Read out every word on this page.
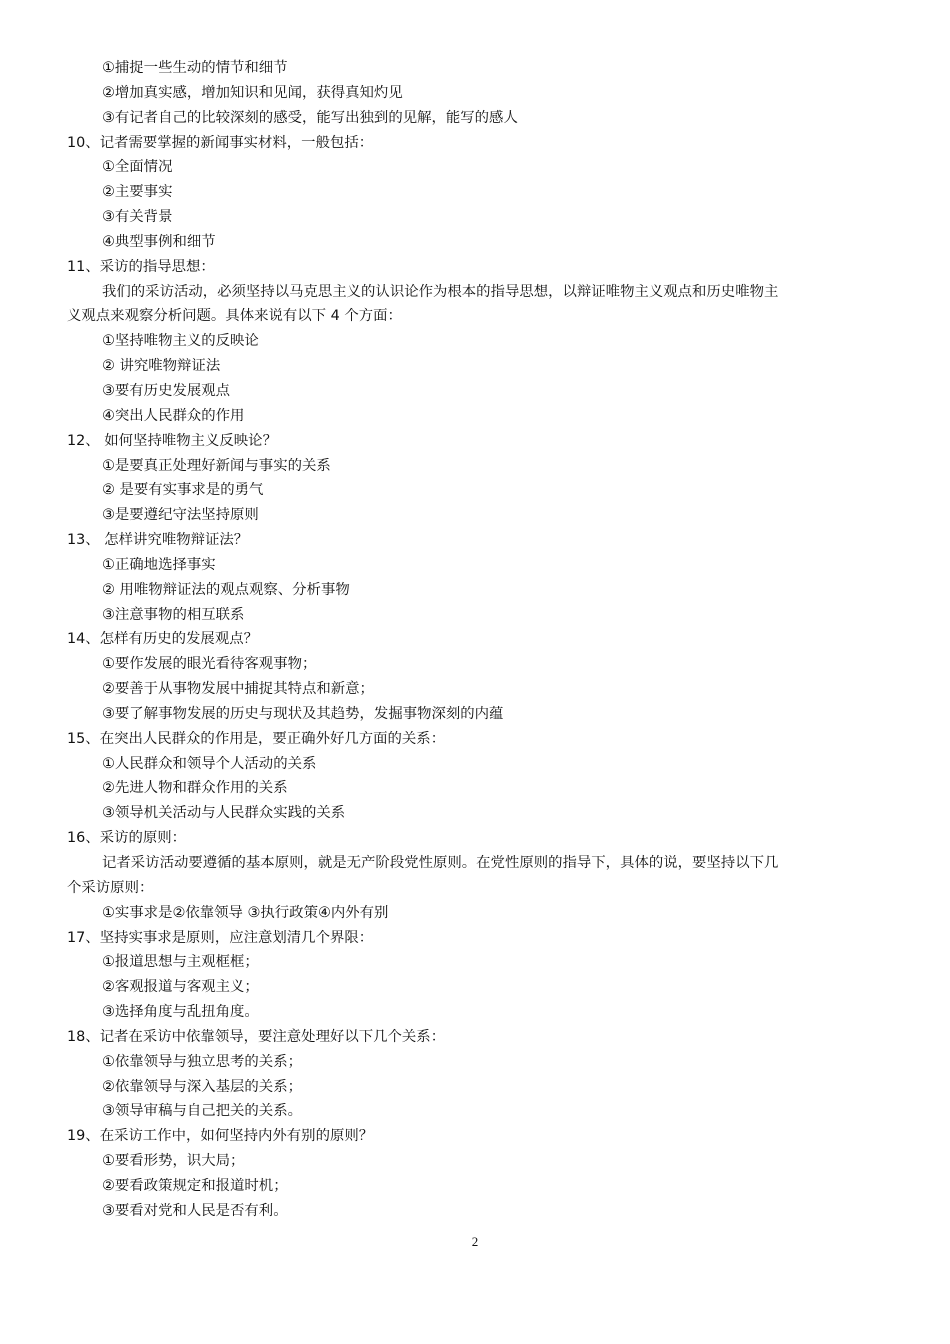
①捕捉一些生动的情节和细节
②增加真实感，增加知识和见闻，获得真知灼见
③有记者自己的比较深刻的感受，能写出独到的见解，能写的感人
10、记者需要掌握的新闻事实材料，一般包括：
①全面情况
②主要事实
③有关背景
④典型事例和细节
11、采访的指导思想：
我们的采访活动，必须坚持以马克思主义的认识论作为根本的指导思想，以辩证唯物主义观点和历史唯物主
义观点来观察分析问题。具体来说有以下 4 个方面：
①坚持唯物主义的反映论
② 讲究唯物辩证法
③要有历史发展观点
④突出人民群众的作用
12、 如何坚持唯物主义反映论？
①是要真正处理好新闻与事实的关系
② 是要有实事求是的勇气
③是要遵纪守法坚持原则
13、 怎样讲究唯物辩证法？
①正确地选择事实
② 用唯物辩证法的观点观察、分析事物
③注意事物的相互联系
14、怎样有历史的发展观点？
①要作发展的眼光看待客观事物；
②要善于从事物发展中捕捉其特点和新意；
③要了解事物发展的历史与现状及其趋势，发掘事物深刻的内蕴
15、在突出人民群众的作用是，要正确外好几方面的关系：
①人民群众和领导个人活动的关系
②先进人物和群众作用的关系
③领导机关活动与人民群众实践的关系
16、采访的原则：
记者采访活动要遵循的基本原则，就是无产阶段党性原则。在党性原则的指导下，具体的说，要坚持以下几
个采访原则：
①实事求是②依靠领导 ③执行政策④内外有别
17、坚持实事求是原则，应注意划清几个界限：
①报道思想与主观框框；
②客观报道与客观主义；
③选择角度与乱扭角度。
18、记者在采访中依靠领导，要注意处理好以下几个关系：
①依靠领导与独立思考的关系；
②依靠领导与深入基层的关系；
③领导审稿与自己把关的关系。
19、在采访工作中，如何坚持内外有别的原则？
①要看形势，识大局；
②要看政策规定和报道时机；
③要看对党和人民是否有利。
2
